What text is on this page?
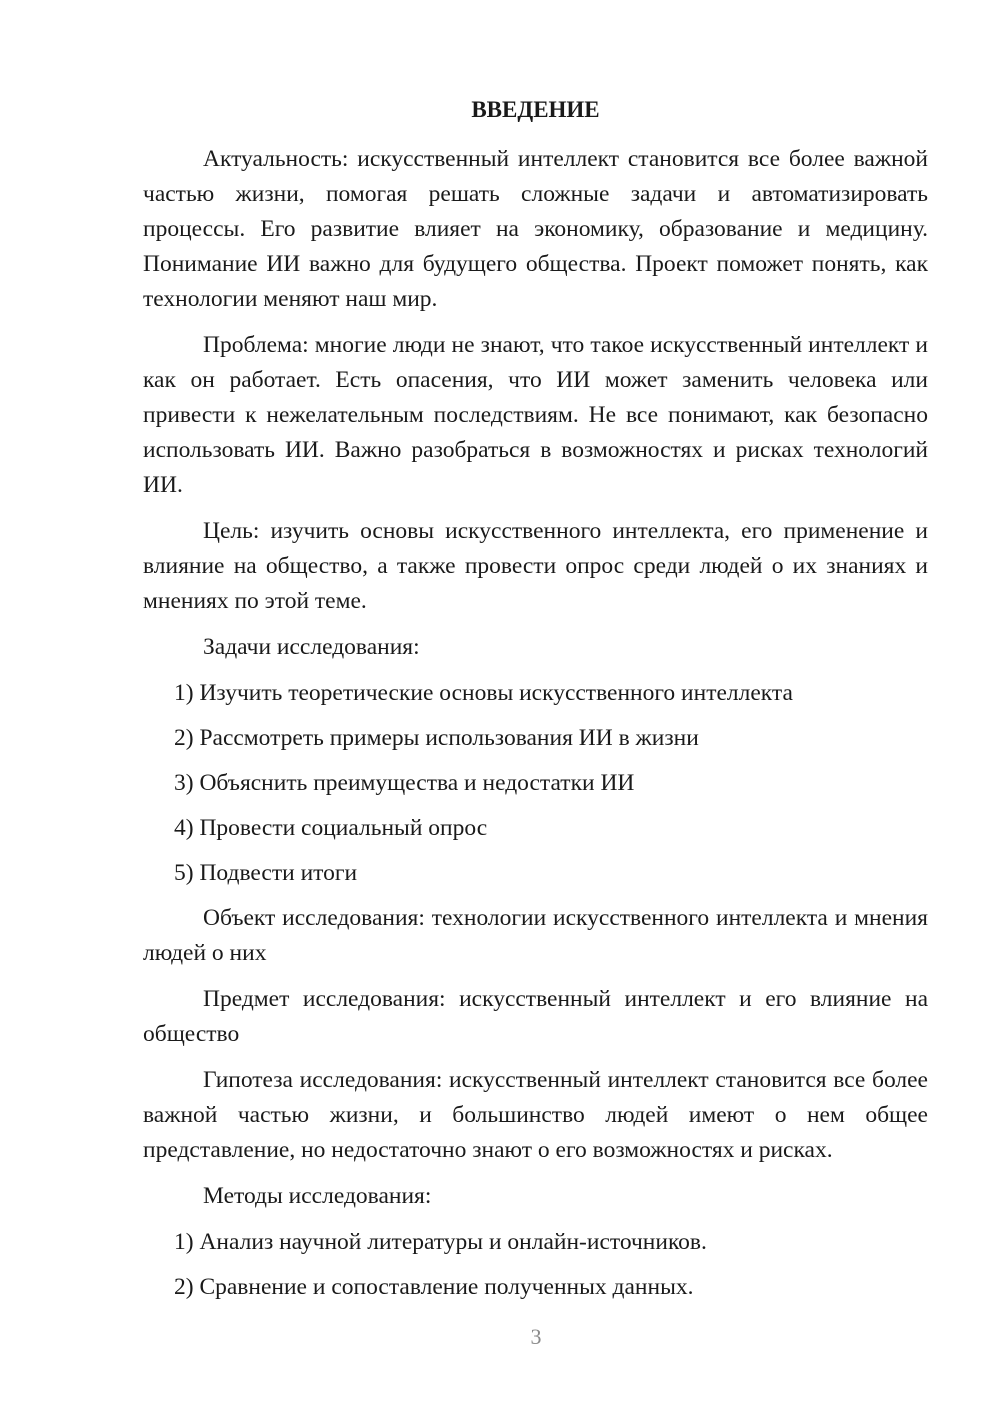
ВВЕДЕНИЕ

Актуальность: искусственный интеллект становится все более важной частью жизни, помогая решать сложные задачи и автоматизировать процессы. Его развитие влияет на экономику, образование и медицину. Понимание ИИ важно для будущего общества. Проект поможет понять, как технологии меняют наш мир.

Проблема: многие люди не знают, что такое искусственный интеллект и как он работает. Есть опасения, что ИИ может заменить человека или привести к нежелательным последствиям. Не все понимают, как безопасно использовать ИИ. Важно разобраться в возможностях и рисках технологий ИИ.

Цель: изучить основы искусственного интеллекта, его применение и влияние на общество, а также провести опрос среди людей о их знаниях и мнениях по этой теме.

Задачи исследования:

1) Изучить теоретические основы искусственного интеллекта
2) Рассмотреть примеры использования ИИ в жизни
3) Объяснить преимущества и недостатки ИИ
4) Провести социальный опрос
5) Подвести итоги

Объект исследования: технологии искусственного интеллекта и мнения людей о них

Предмет исследования: искусственный интеллект и его влияние на общество

Гипотеза исследования: искусственный интеллект становится все более важной частью жизни, и большинство людей имеют о нем общее представление, но недостаточно знают о его возможностях и рисках.

Методы исследования:

1) Анализ научной литературы и онлайн-источников.
2) Сравнение и сопоставление полученных данных.
3
